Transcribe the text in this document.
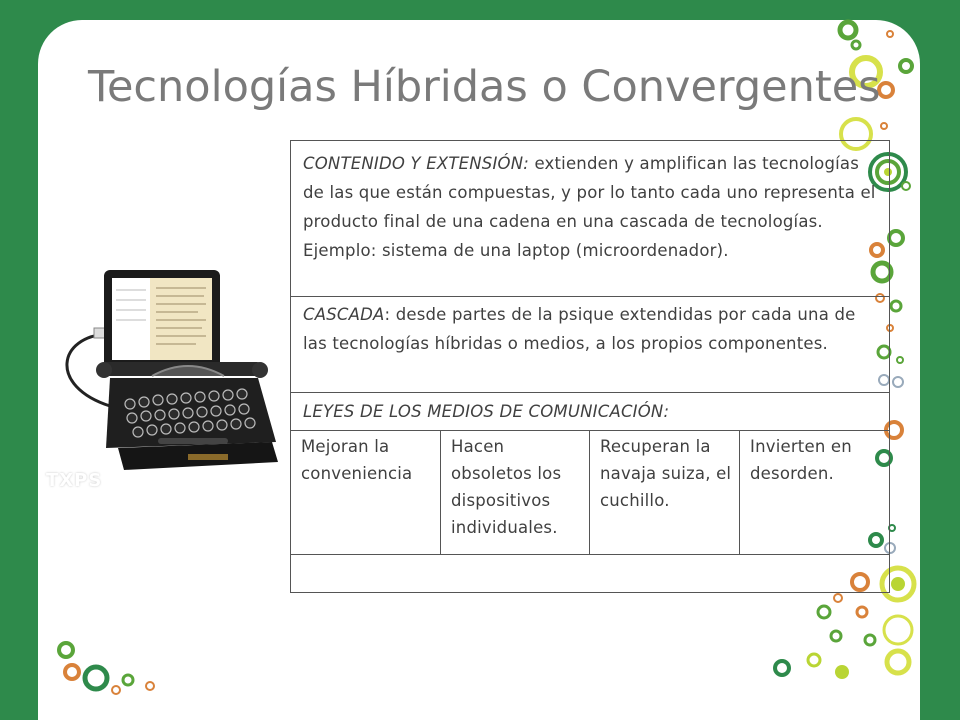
Tecnologías Híbridas o Convergentes
TXPS
CONTENIDO Y EXTENSIÓN: extienden y amplifican las tecnologías de las que están compuestas, y por lo tanto cada uno representa el producto final de una cadena en una cascada de tecnologías. Ejemplo: sistema de una laptop (microordenador).
CASCADA: desde partes de la psique extendidas por cada una de las tecnologías híbridas o medios, a los propios componentes.
LEYES DE LOS MEDIOS DE COMUNICACIÓN:
Mejoran la conveniencia
Hacen obsoletos los dispositivos individuales.
Recuperan la navaja suiza, el cuchillo.
Invierten en desorden.
